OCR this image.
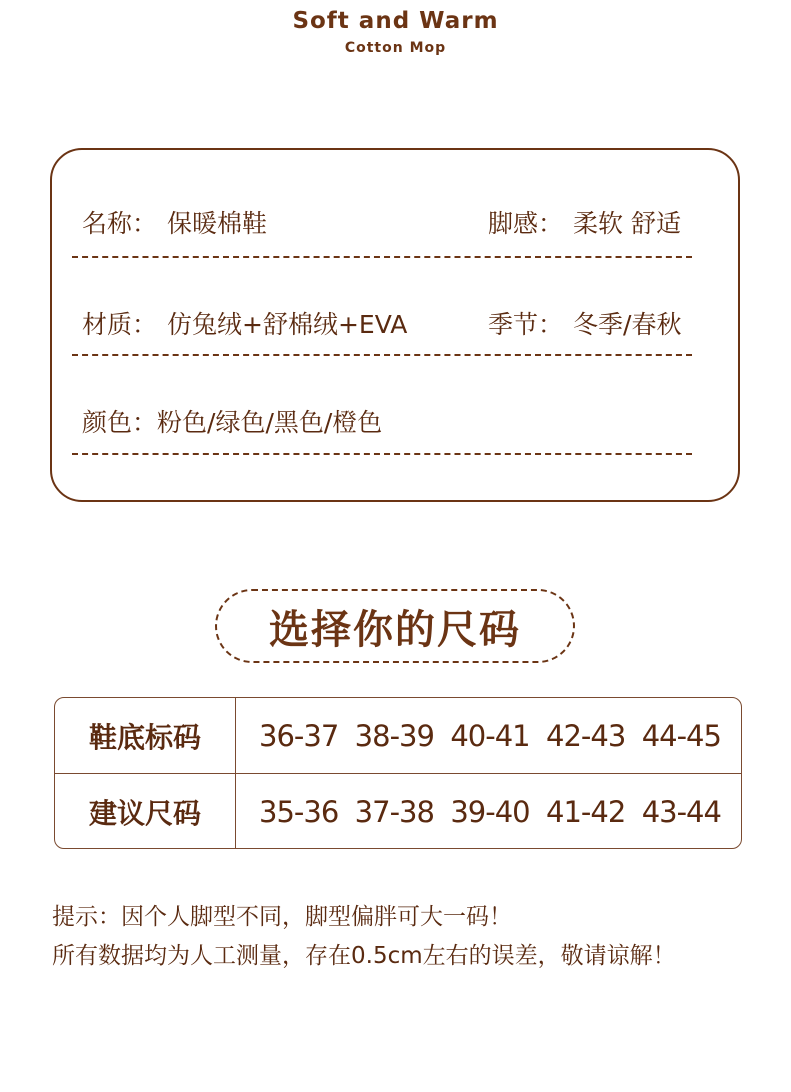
Soft and Warm
Cotton Mop
名称： 保暖棉鞋	脚感： 柔软 舒适
材质： 仿兔绒+舒棉绒+EVA	季节： 冬季/春秋
颜色：粉色/绿色/黑色/橙色
选择你的尺码
鞋底标码	36-37 38-39 40-41 42-43 44-45
建议尺码	35-36 37-38 39-40 41-42 43-44
提示：因个人脚型不同，脚型偏胖可大一码！
所有数据均为人工测量，存在0.5cm左右的误差，敬请谅解！
